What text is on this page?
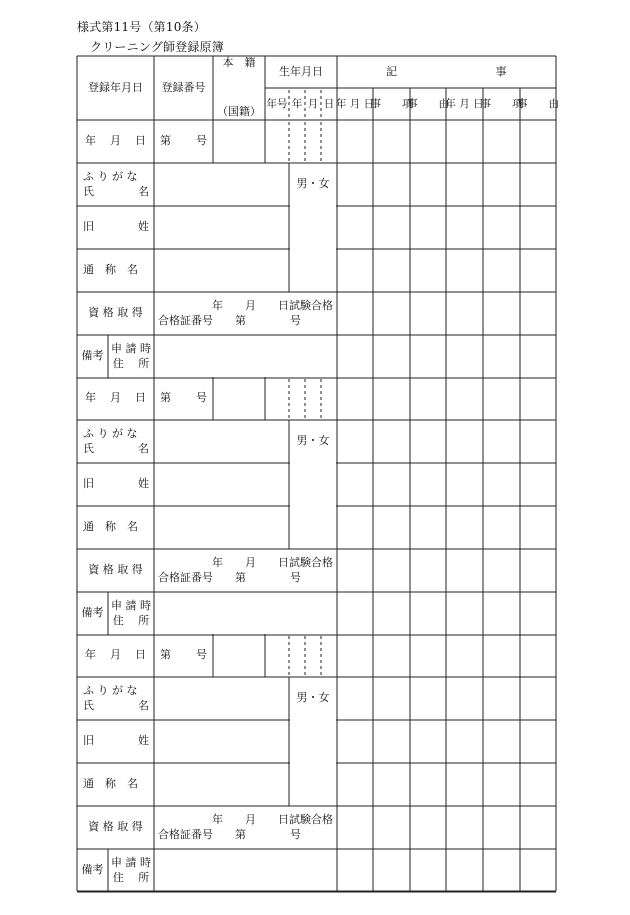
様式第11号（第10条）
クリーニング師登録原簿
登録年月日	登録番号
本　籍
（国籍）
生年月日
年号 年 月 日
記	事
年 月 日
事　　項
事　　由
年 月 日
事　　項
事　　由
年 月 日 第 号
ふ り が な
氏　　　　名
男・女
旧　　　　姓
通　称　名
資 格 取 得
年　　月　　日試験合格
合格証番号　　第　　　　号
備考
申 請 時
住　 所
年 月 日 第 号
ふ り が な
氏　　　　名
男・女
旧　　　　姓
通　称　名
資 格 取 得
年　　月　　日試験合格
合格証番号　　第　　　　号
備考
申 請 時
住　 所
年 月 日 第 号
ふ り が な
氏　　　　名
男・女
旧　　　　姓
通　称　名
資 格 取 得
年　　月　　日試験合格
合格証番号　　第　　　　号
備考
申 請 時
住　 所
